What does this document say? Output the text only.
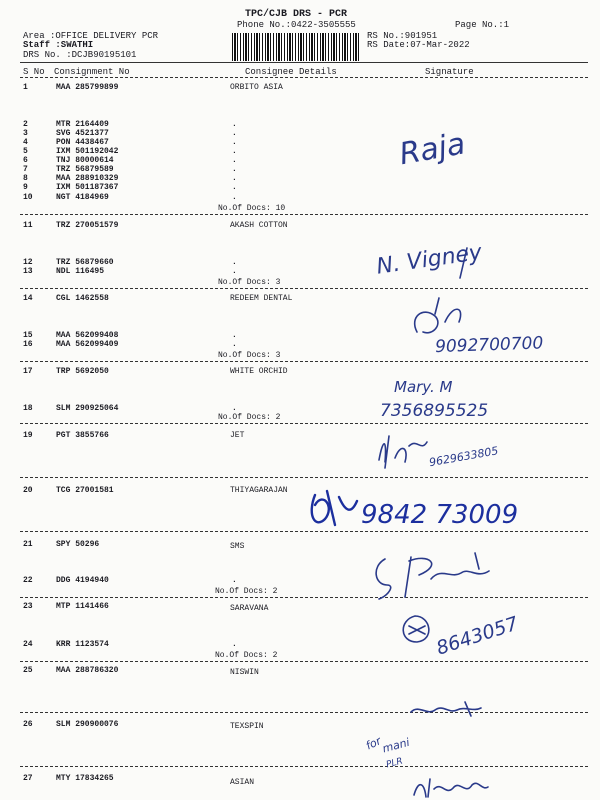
TPC/CJB DRS - PCR
Phone No.:0422-3505555	Page No.:1
Area :OFFICE DELIVERY PCR
Staff :SWATHI
DRS No. :DCJB90195101
RS No.:901951
RS Date:07-Mar-2022
S No Consignment No	Consignee Details	Signature
1	MAA 285799899	ORBITO ASIA
2	MTR 2164409	.
3	SVG 4521377	.
4	PON 4438467	.
5	IXM 501192042	.
6	TNJ 80000614	.
7	TRZ 56879589	.
8	MAA 288910329	.
9	IXM 501187367	.
10	NGT 4184969	.
No.Of Docs: 10
11	TRZ 270051579	AKASH COTTON
12	TRZ 56879660	.
13	NDL 116495	.
No.Of Docs: 3
14	CGL 1462558	REDEEM DENTAL
15	MAA 562099408	.
16	MAA 562099409	.
No.Of Docs: 3
17	TRP 5692050	WHITE ORCHID
18	SLM 290925064	.
No.Of Docs: 2
19	PGT 3855766	JET
20	TCG 27001581	THIYAGARAJAN
21	SPY 50296	SMS
22	DDG 4194940	.
No.Of Docs: 2
23	MTP 1141466	SARAVANA
24	KRR 1123574	.
No.Of Docs: 2
25	MAA 288786320	NISWIN
26	SLM 290900076	TEXSPIN
27	MTY 17834265	ASIAN
Raja
N. Vigney
9092700700
Mary. M
7356895525
9629633805
9842 73009
8643057
for
mani
PLR
